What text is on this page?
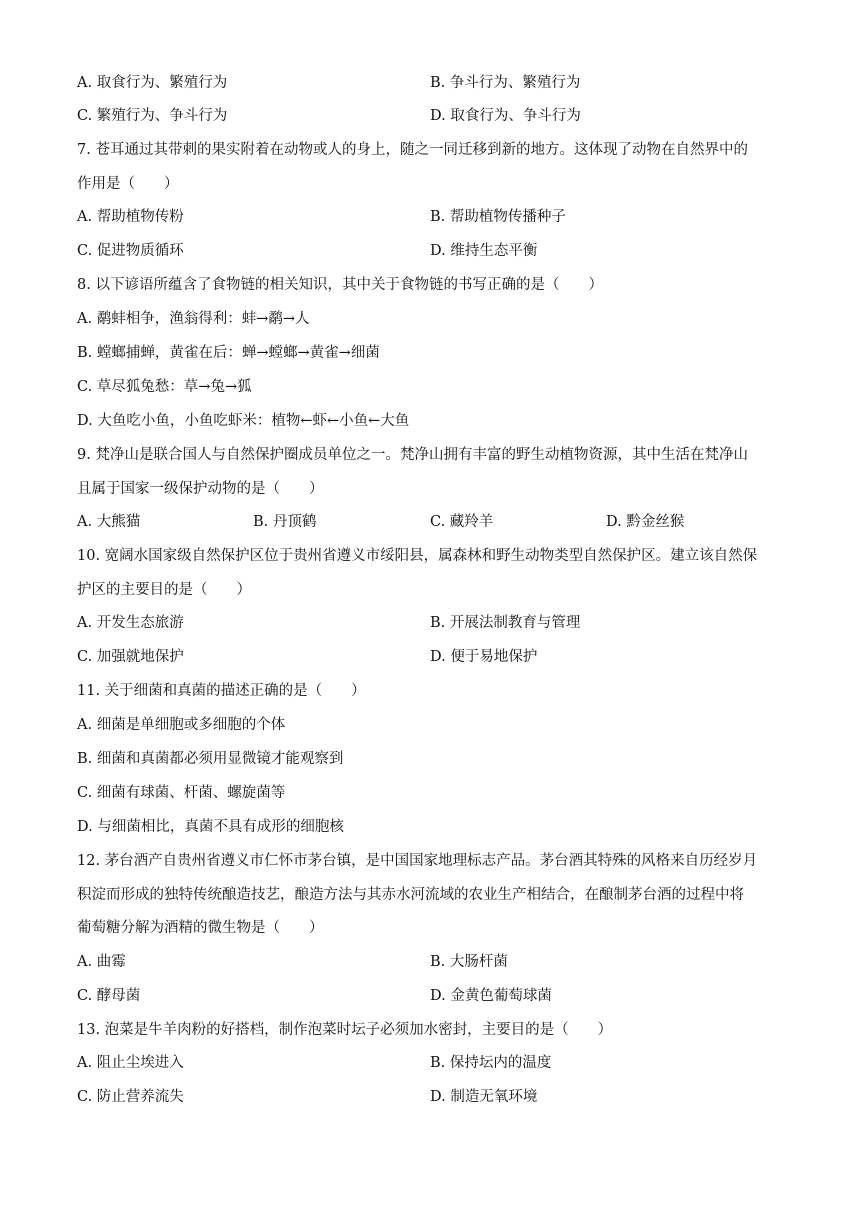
A. 取食行为、繁殖行为	B. 争斗行为、繁殖行为
C. 繁殖行为、争斗行为	D. 取食行为、争斗行为
7. 苍耳通过其带刺的果实附着在动物或人的身上，随之一同迁移到新的地方。这体现了动物在自然界中的
作用是（　　）
A. 帮助植物传粉	B. 帮助植物传播种子
C. 促进物质循环	D. 维持生态平衡
8. 以下谚语所蕴含了食物链的相关知识，其中关于食物链的书写正确的是（　　）
A. 鹬蚌相争，渔翁得利：蚌→鹬→人
B. 螳螂捕蝉，黄雀在后：蝉→螳螂→黄雀→细菌
C. 草尽狐兔愁：草→兔→狐
D. 大鱼吃小鱼，小鱼吃虾米：植物←虾←小鱼←大鱼
9. 梵净山是联合国人与自然保护圈成员单位之一。梵净山拥有丰富的野生动植物资源，其中生活在梵净山
且属于国家一级保护动物的是（　　）
A. 大熊猫	B. 丹顶鹤	C. 藏羚羊	D. 黔金丝猴
10. 宽阔水国家级自然保护区位于贵州省遵义市绥阳县，属森林和野生动物类型自然保护区。建立该自然保
护区的主要目的是（　　）
A. 开发生态旅游	B. 开展法制教育与管理
C. 加强就地保护	D. 便于易地保护
11. 关于细菌和真菌的描述正确的是（　　）
A. 细菌是单细胞或多细胞的个体
B. 细菌和真菌都必须用显微镜才能观察到
C. 细菌有球菌、杆菌、螺旋菌等
D. 与细菌相比，真菌不具有成形的细胞核
12. 茅台酒产自贵州省遵义市仁怀市茅台镇，是中国国家地理标志产品。茅台酒其特殊的风格来自历经岁月
积淀而形成的独特传统酿造技艺，酿造方法与其赤水河流域的农业生产相结合，在酿制茅台酒的过程中将
葡萄糖分解为酒精的微生物是（　　）
A. 曲霉	B. 大肠杆菌
C. 酵母菌	D. 金黄色葡萄球菌
13. 泡菜是牛羊肉粉的好搭档，制作泡菜时坛子必须加水密封，主要目的是（　　）
A. 阻止尘埃进入	B. 保持坛内的温度
C. 防止营养流失	D. 制造无氧环境
